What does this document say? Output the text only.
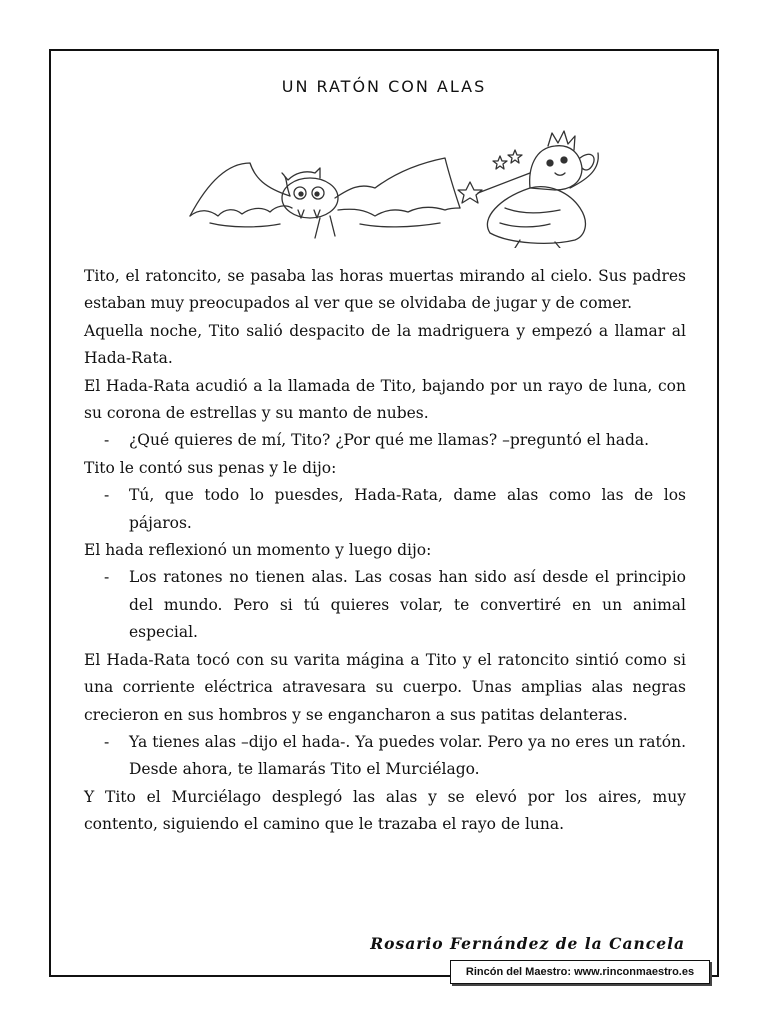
UN RATÓN CON ALAS

Tito, el ratoncito, se pasaba las horas muertas mirando al cielo. Sus padres estaban muy preocupados al ver que se olvidaba de jugar y de comer.

Aquella noche, Tito salió despacito de la madriguera y empezó a llamar al Hada-Rata.

El Hada-Rata acudió a la llamada de Tito, bajando por un rayo de luna, con su corona de estrellas y su manto de nubes.

- ¿Qué quieres de mí, Tito? ¿Por qué me llamas? –preguntó el hada.

Tito le contó sus penas y le dijo:

- Tú, que todo lo puesdes, Hada-Rata, dame alas como las de los pájaros.

El hada reflexionó un momento y luego dijo:

- Los ratones no tienen alas. Las cosas han sido así desde el principio del mundo. Pero si tú quieres volar, te convertiré en un animal especial.

El Hada-Rata tocó con su varita mágina a Tito y el ratoncito sintió como si una corriente eléctrica atravesara su cuerpo. Unas amplias alas negras crecieron en sus hombros y se engancharon a sus patitas delanteras.

- Ya tienes alas –dijo el hada-. Ya puedes volar. Pero ya no eres un ratón. Desde ahora, te llamarás Tito el Murciélago.

Y Tito el Murciélago desplegó las alas y se elevó por los aires, muy contento, siguiendo el camino que le trazaba el rayo de luna.

Rosario Fernández de la Cancela
Rincón del Maestro: www.rinconmaestro.es
